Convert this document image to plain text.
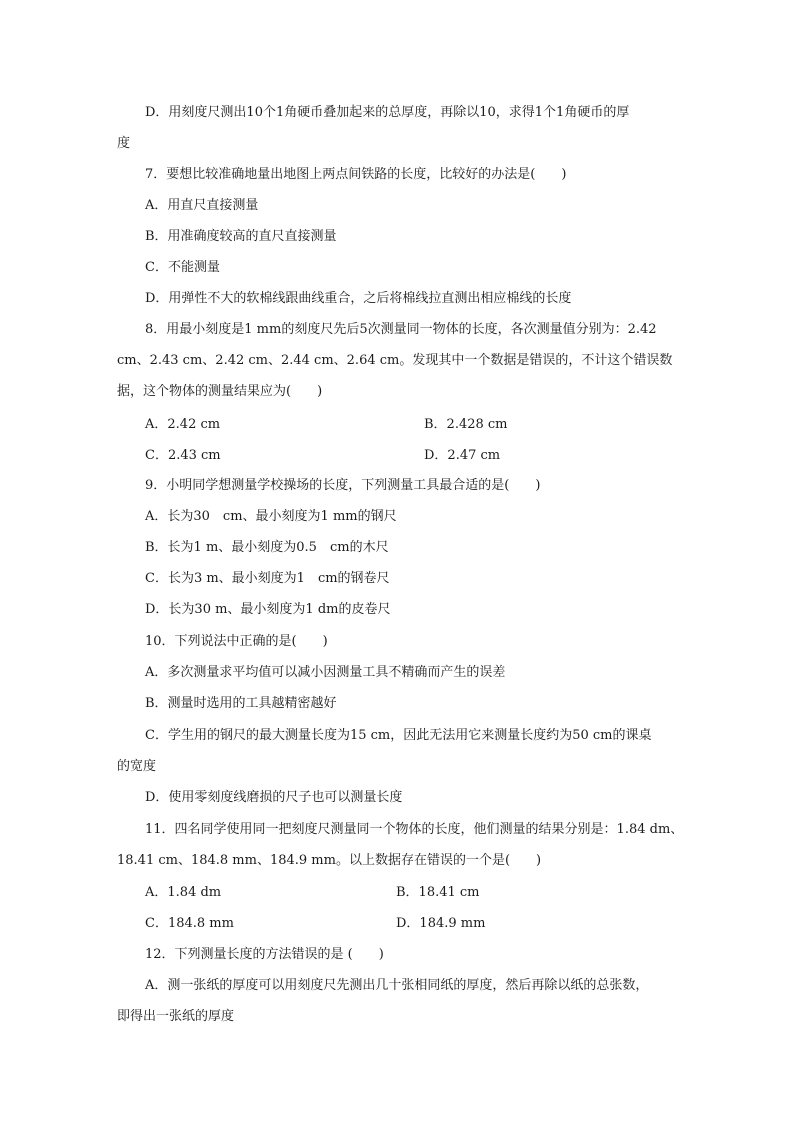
D．用刻度尺测出10个1角硬币叠加起来的总厚度，再除以10，求得1个1角硬币的厚
度
7．要想比较准确地量出地图上两点间铁路的长度，比较好的办法是(　　)
A．用直尺直接测量
B．用准确度较高的直尺直接测量
C．不能测量
D．用弹性不大的软棉线跟曲线重合，之后将棉线拉直测出相应棉线的长度
8．用最小刻度是1 mm的刻度尺先后5次测量同一物体的长度，各次测量值分别为：2.42
cm、2.43 cm、2.42 cm、2.44 cm、2.64 cm。发现其中一个数据是错误的，不计这个错误数
据，这个物体的测量结果应为(　　)
A．2.42 cm	B．2.428 cm
C．2.43 cm	D．2.47 cm
9．小明同学想测量学校操场的长度，下列测量工具最合适的是(　　)
A．长为30　cm、最小刻度为1 mm的钢尺
B．长为1 m、最小刻度为0.5　cm的木尺
C．长为3 m、最小刻度为1　cm的钢卷尺
D．长为30 m、最小刻度为1 dm的皮卷尺
10．下列说法中正确的是(　　)
A．多次测量求平均值可以减小因测量工具不精确而产生的误差
B．测量时选用的工具越精密越好
C．学生用的钢尺的最大测量长度为15 cm，因此无法用它来测量长度约为50 cm的课桌
的宽度
D．使用零刻度线磨损的尺子也可以测量长度
11．四名同学使用同一把刻度尺测量同一个物体的长度，他们测量的结果分别是：1.84 dm、
18.41 cm、184.8 mm、184.9 mm。以上数据存在错误的一个是(　　)
A．1.84 dm	B．18.41 cm
C．184.8 mm	D．184.9 mm
12．下列测量长度的方法错误的是 (　　)
A．测一张纸的厚度可以用刻度尺先测出几十张相同纸的厚度，然后再除以纸的总张数，
即得出一张纸的厚度
